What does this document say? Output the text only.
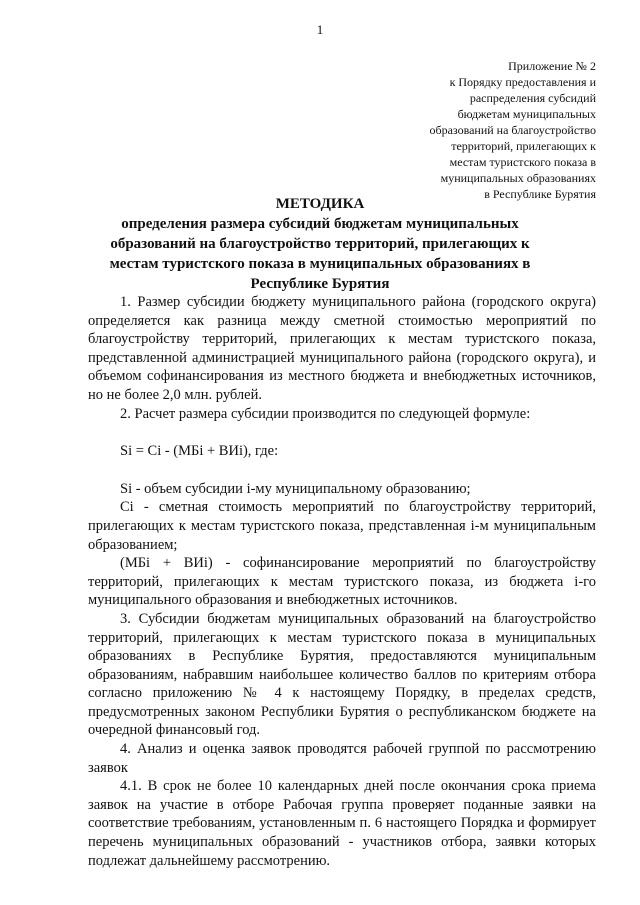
1
Приложение № 2
к Порядку предоставления и
распределения субсидий
бюджетам муниципальных
образований на благоустройство
территорий, прилегающих к
местам туристского показа в
муниципальных образованиях
в Республике Бурятия
МЕТОДИКА
определения размера субсидий бюджетам муниципальных
образований на благоустройство территорий, прилегающих к
местам туристского показа в муниципальных образованиях в
Республике Бурятия

1. Размер субсидии бюджету муниципального района (городского округа) определяется как разница между сметной стоимостью мероприятий по благоустройству территорий, прилегающих к местам туристского показа, представленной администрацией муниципального района (городского округа), и объемом софинансирования из местного бюджета и внебюджетных источников, но не более 2,0 млн. рублей.

2. Расчет размера субсидии производится по следующей формуле:

Si = Ci - (МБi + ВИi), где:

Si - объем субсидии i-му муниципальному образованию;

Ci - сметная стоимость мероприятий по благоустройству территорий, прилегающих к местам туристского показа, представленная i-м муниципальным образованием;

(МБi + ВИi) - софинансирование мероприятий по благоустройству территорий, прилегающих к местам туристского показа, из бюджета i-го муниципального образования и внебюджетных источников.

3. Субсидии бюджетам муниципальных образований на благоустройство территорий, прилегающих к местам туристского показа в муниципальных образованиях в Республике Бурятия, предоставляются муниципальным образованиям, набравшим наибольшее количество баллов по критериям отбора согласно приложению № 4 к настоящему Порядку, в пределах средств, предусмотренных законом Республики Бурятия о республиканском бюджете на очередной финансовый год.

4. Анализ и оценка заявок проводятся рабочей группой по рассмотрению заявок

4.1. В срок не более 10 календарных дней после окончания срока приема заявок на участие в отборе Рабочая группа проверяет поданные заявки на соответствие требованиям, установленным п. 6 настоящего Порядка и формирует перечень муниципальных образований - участников отбора, заявки которых подлежат дальнейшему рассмотрению.
